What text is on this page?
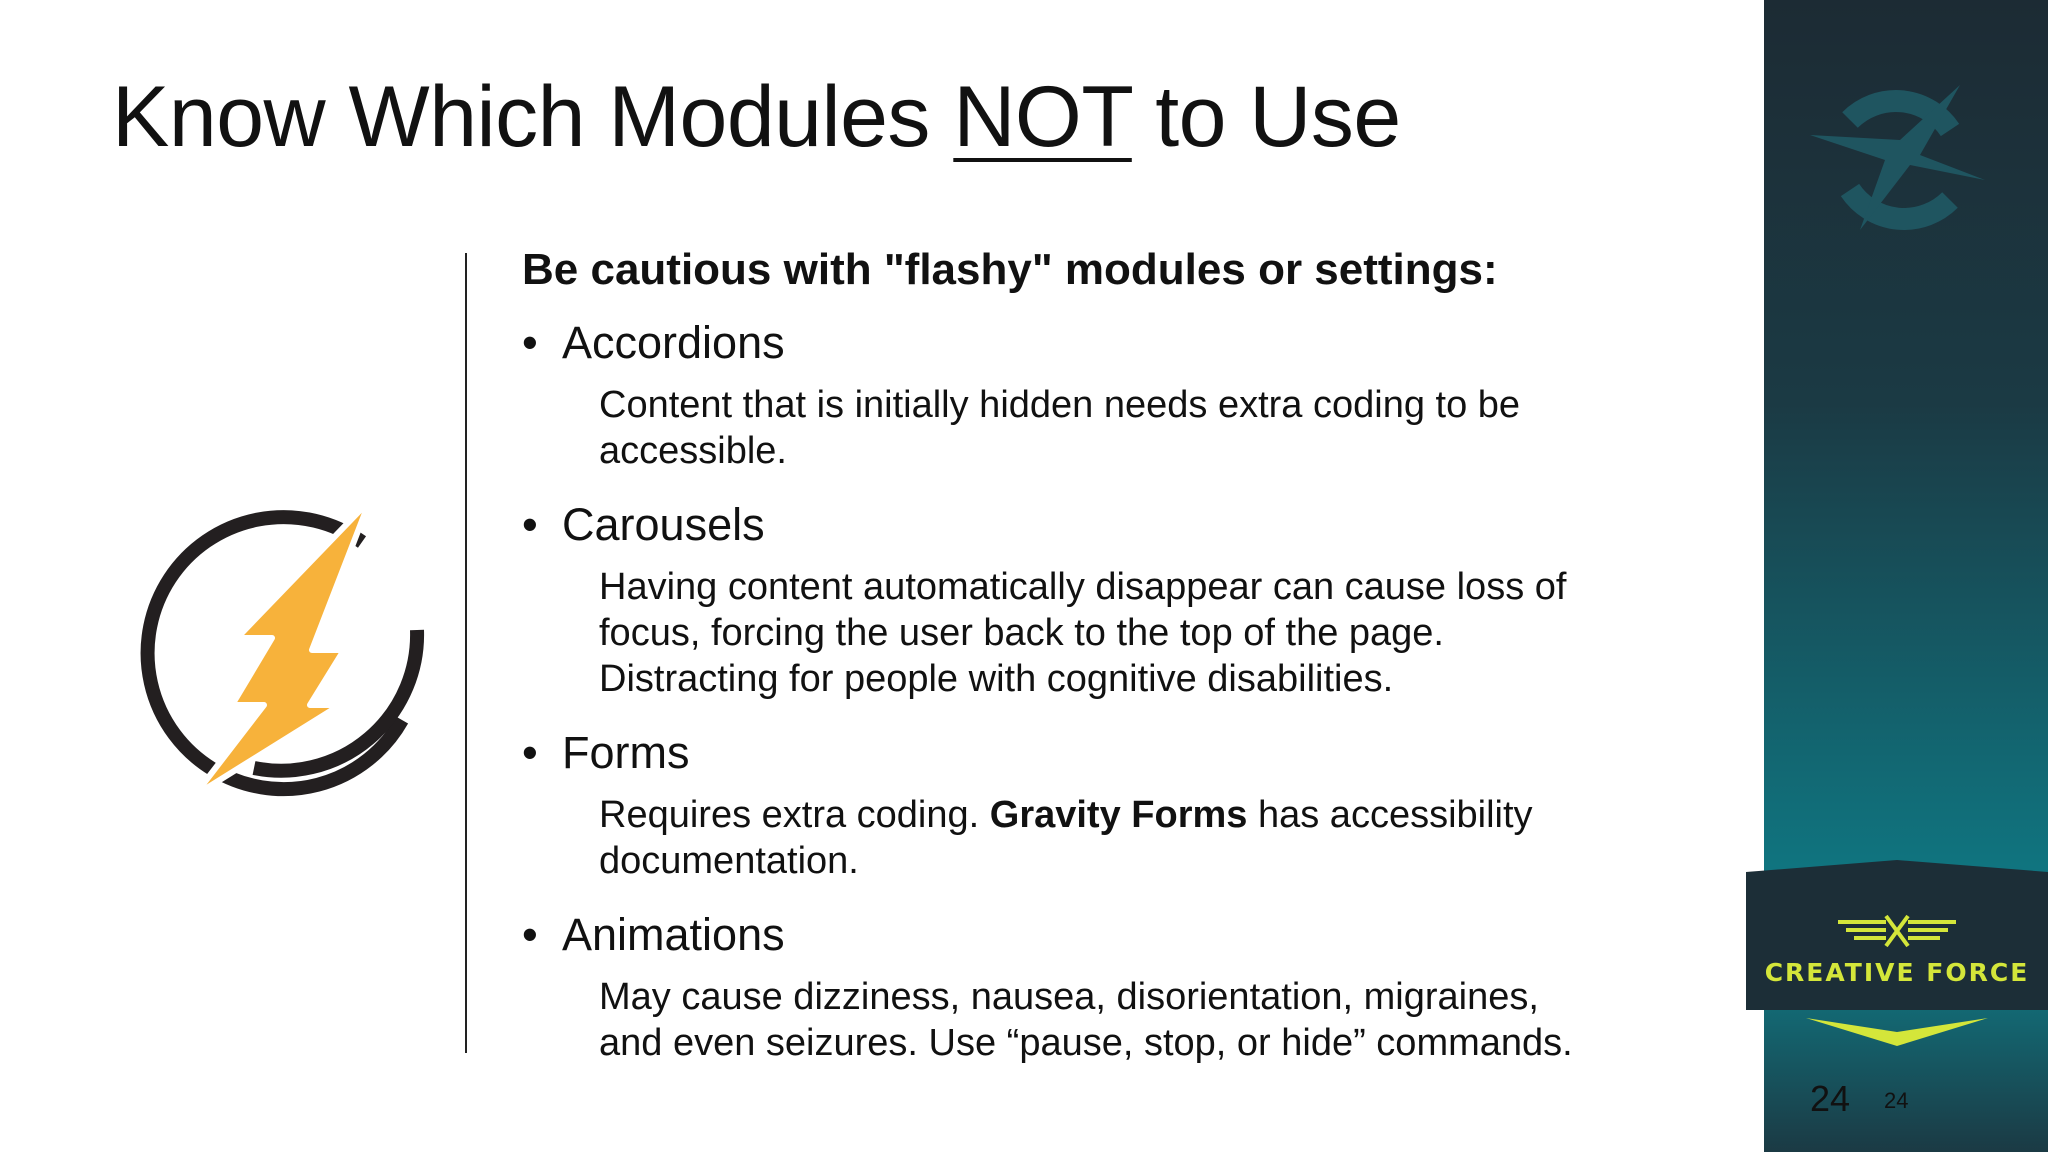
Know Which Modules NOT to Use

Be cautious with "flashy" modules or settings:

• Accordions

Content that is initially hidden needs extra coding to be accessible.

• Carousels

Having content automatically disappear can cause loss of focus, forcing the user back to the top of the page. Distracting for people with cognitive disabilities.

• Forms

Requires extra coding. Gravity Forms has accessibility documentation.

• Animations

May cause dizziness, nausea, disorientation, migraines, and even seizures. Use “pause, stop, or hide” commands.

CREATIVE FORCE
24 24
